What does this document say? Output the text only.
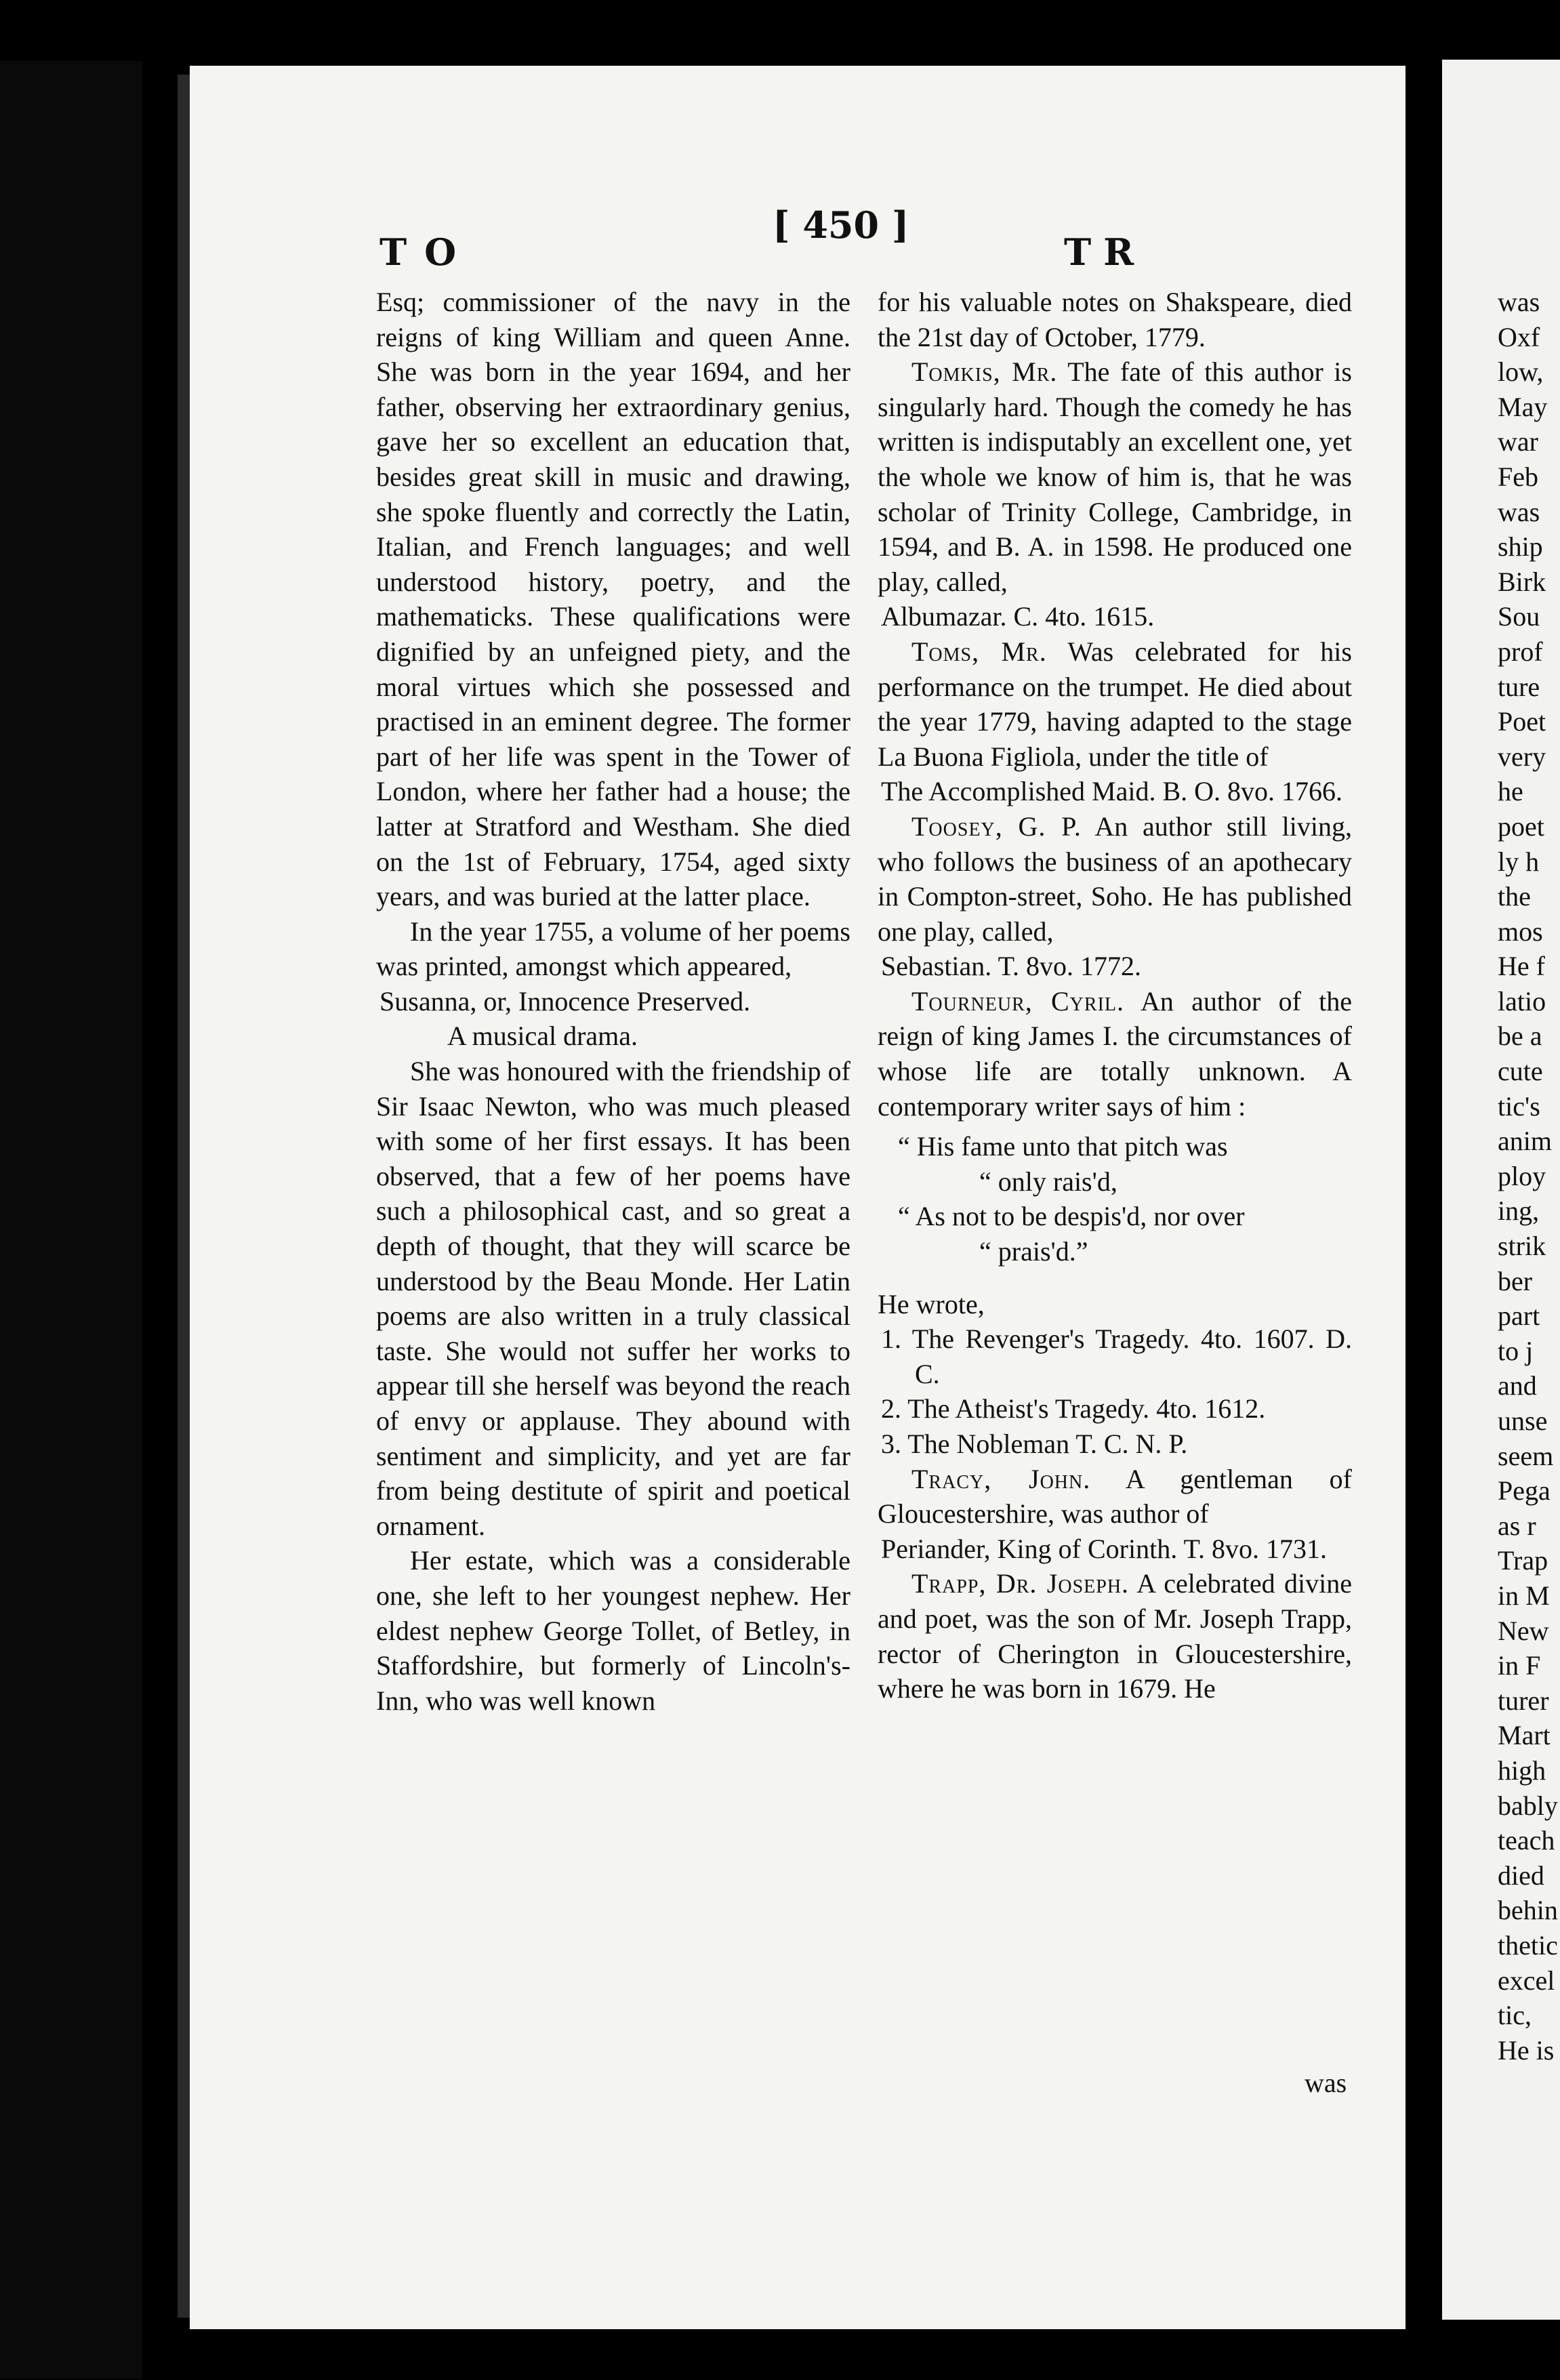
TO
[ 450 ]
TR

Esq; commissioner of the navy in the reigns of king William and queen Anne. She was born in the year 1694, and her father, observing her extraordinary genius, gave her so excellent an education that, besides great skill in music and drawing, she spoke fluently and correctly the Latin, Italian, and French languages; and well understood history, poetry, and the mathematicks. These qualifications were dignified by an unfeigned piety, and the moral virtues which she possessed and practised in an eminent degree. The former part of her life was spent in the Tower of London, where her father had a house; the latter at Stratford and Westham. She died on the 1st of February, 1754, aged sixty years, and was buried at the latter place.

In the year 1755, a volume of her poems was printed, amongst which appeared,

Susanna, or, Innocence Preserved.

A musical drama.

She was honoured with the friendship of Sir Isaac Newton, who was much pleased with some of her first essays. It has been observed, that a few of her poems have such a philosophical cast, and so great a depth of thought, that they will scarce be understood by the Beau Monde. Her Latin poems are also written in a truly classical taste. She would not suffer her works to appear till she herself was beyond the reach of envy or applause. They abound with sentiment and simplicity, and yet are far from being destitute of spirit and poetical ornament.

Her estate, which was a considerable one, she left to her youngest nephew. Her eldest nephew George Tollet, of Betley, in Staffordshire, but formerly of Lincoln's-Inn, who was well known

for his valuable notes on Shakspeare, died the 21st day of October, 1779.

Tomkis, Mr. The fate of this author is singularly hard. Though the comedy he has written is indisputably an excellent one, yet the whole we know of him is, that he was scholar of Trinity College, Cambridge, in 1594, and B. A. in 1598. He produced one play, called,

Albumazar. C. 4to. 1615.

Toms, Mr. Was celebrated for his performance on the trumpet. He died about the year 1779, having adapted to the stage La Buona Figliola, under the title of

The Accomplished Maid. B. O. 8vo. 1766.

Toosey, G. P. An author still living, who follows the business of an apothecary in Compton-street, Soho. He has published one play, called,

Sebastian. T. 8vo. 1772.

Tourneur, Cyril. An author of the reign of king James I. the circumstances of whose life are totally unknown. A contemporary writer says of him :

“ His fame unto that pitch was

“ only rais'd,

“ As not to be despis'd, nor over

“ prais'd.”

He wrote,

1. The Revenger's Tragedy. 4to. 1607. D. C.

2. The Atheist's Tragedy. 4to. 1612.

3. The Nobleman T. C. N. P.

Tracy, John. A gentleman of Gloucestershire, was author of

Periander, King of Corinth. T. 8vo. 1731.

Trapp, Dr. Joseph. A celebrated divine and poet, was the son of Mr. Joseph Trapp, rector of Cherington in Gloucestershire, where he was born in 1679. He

was
was
Oxf
low,
May
war
Feb
was
ship
Birk
Sou
prof
ture
Poet
very
he
poet
ly h
the
mos
He f
latio
be a
cute
tic's
anim
ploy
ing,
strik
ber
part
to j
and
unse
seem
Pega
as r
Trap
in M
New
in F
turer
Mart
high
bably
teach
died
behin
thetic
excel
tic,
He is
